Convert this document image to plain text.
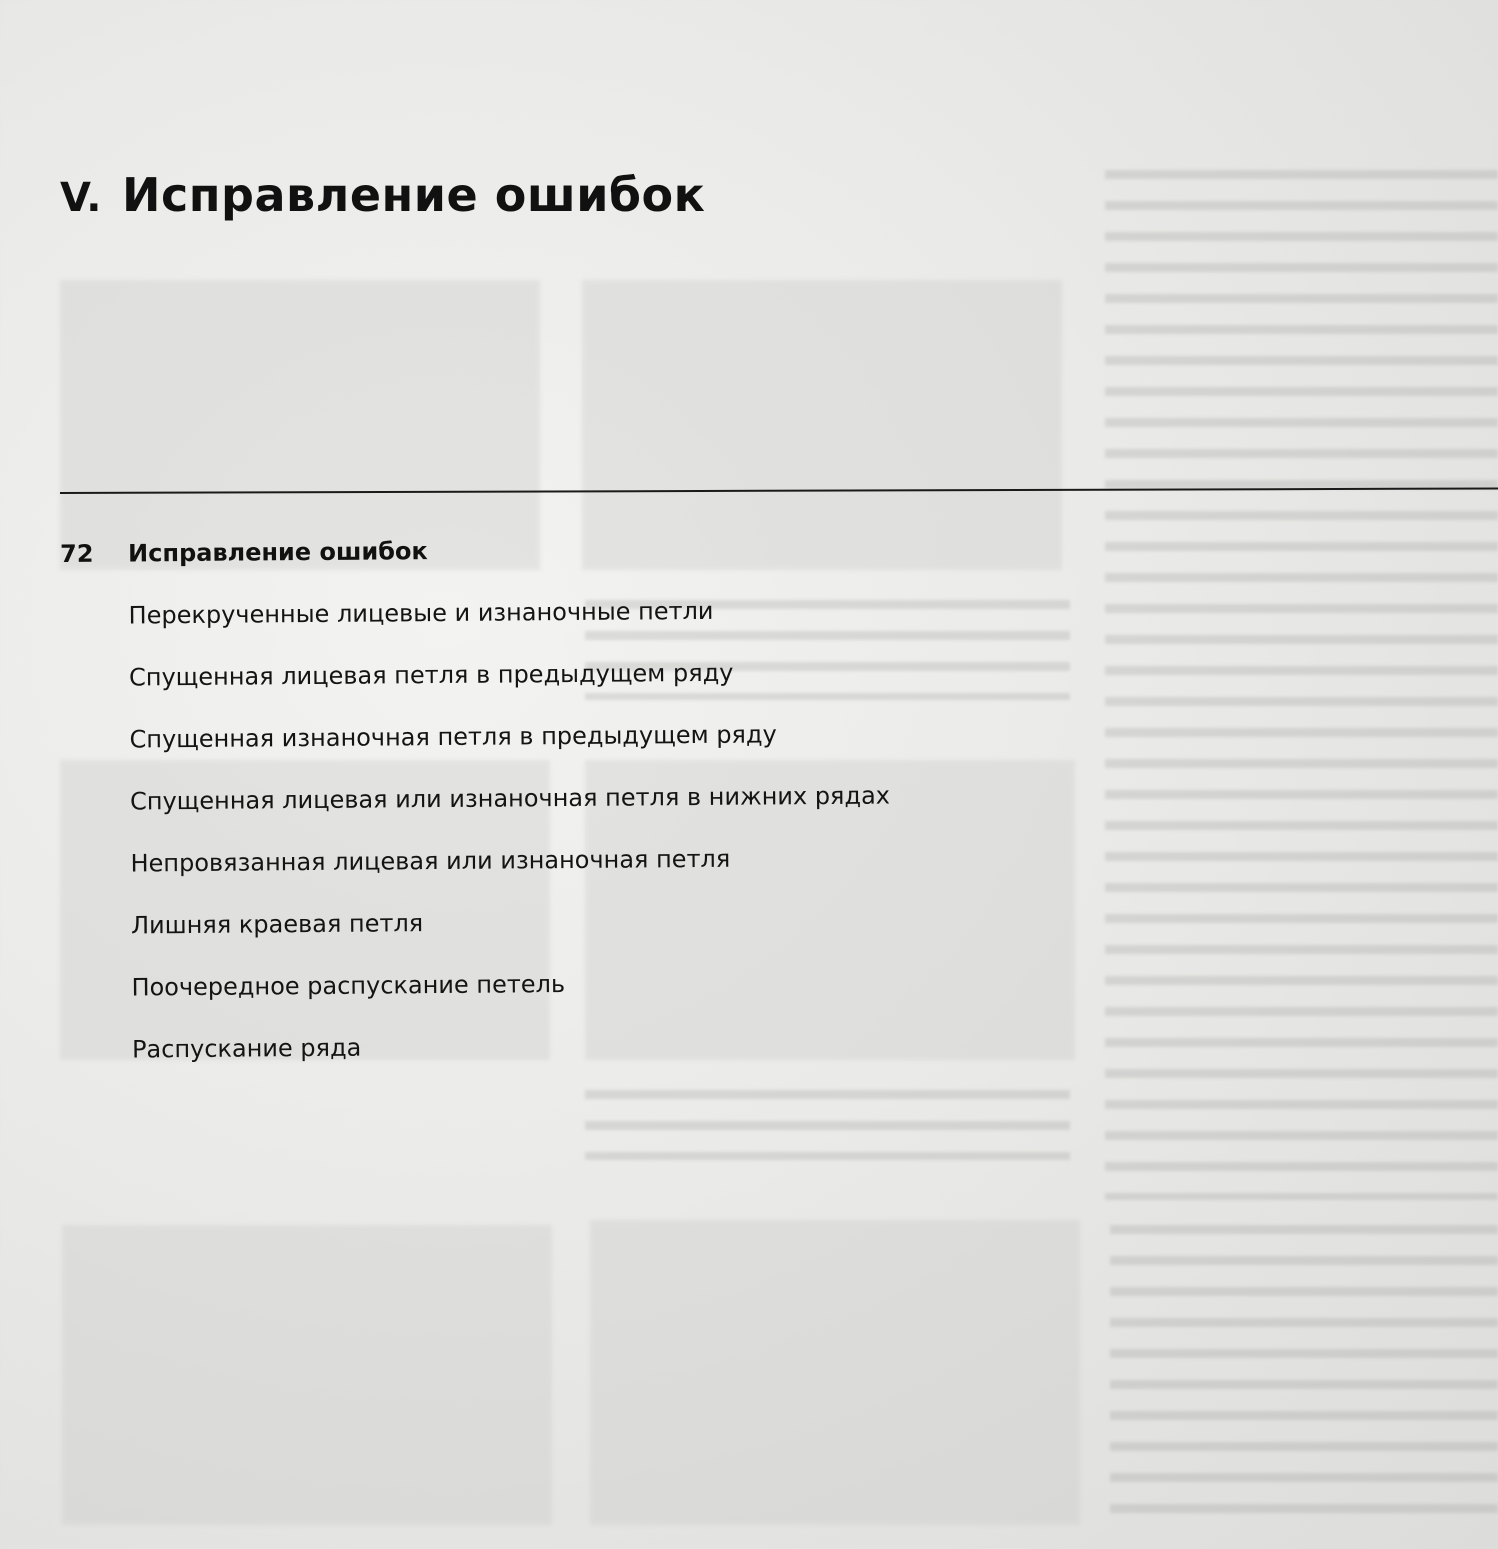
V. Исправление ошибок
72	Исправление ошибок
Перекрученные лицевые и изнаночные петли
Спущенная лицевая петля в предыдущем ряду
Спущенная изнаночная петля в предыдущем ряду
Спущенная лицевая или изнаночная петля в нижних рядах
Непровязанная лицевая или изнаночная петля
Лишняя краевая петля
Поочередное распускание петель
Распускание ряда
